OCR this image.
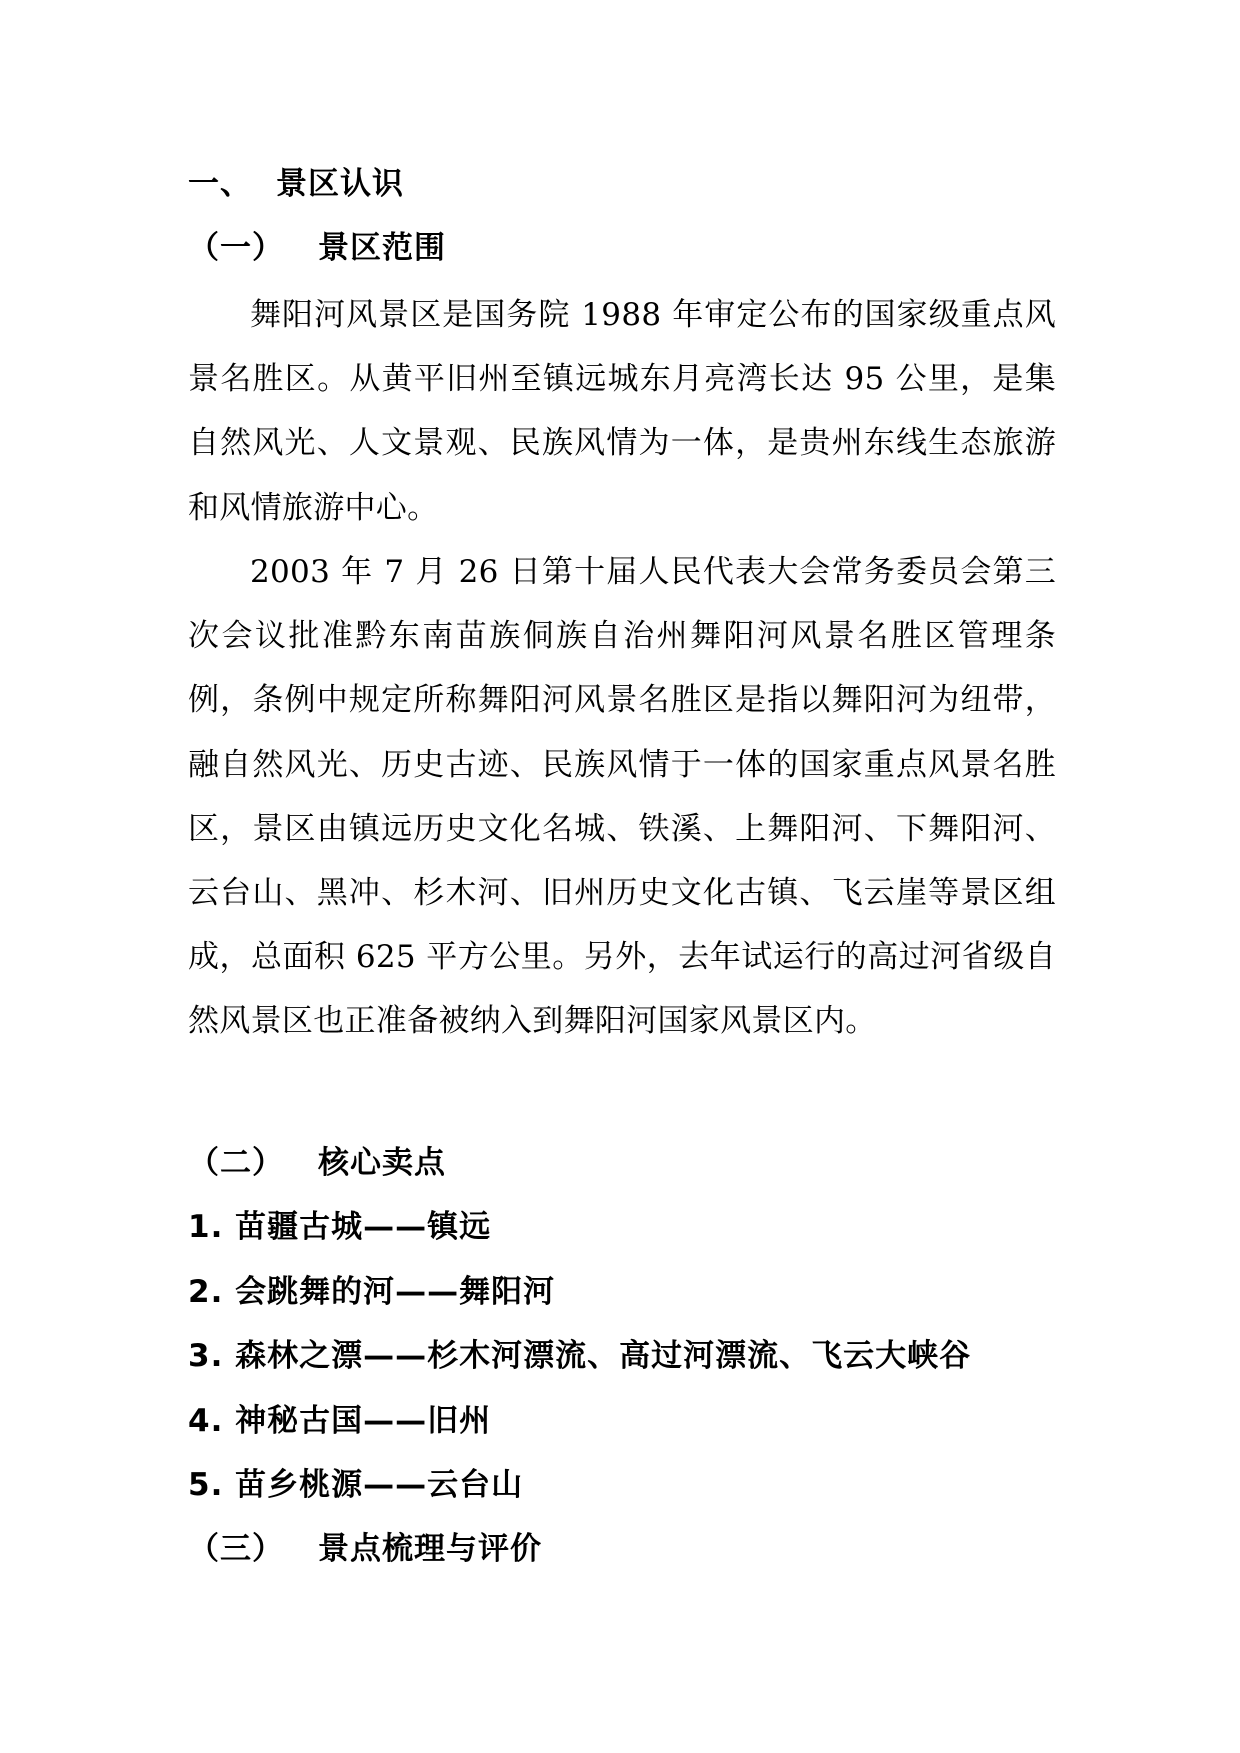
一、 景区认识
（一） 景区范围

舞阳河风景区是国务院 1988 年审定公布的国家级重点风景名胜区。从黄平旧州至镇远城东月亮湾长达 95 公里，是集自然风光、人文景观、民族风情为一体，是贵州东线生态旅游和风情旅游中心。

2003 年 7 月 26 日第十届人民代表大会常务委员会第三次会议批准黔东南苗族侗族自治州舞阳河风景名胜区管理条例，条例中规定所称舞阳河风景名胜区是指以舞阳河为纽带，融自然风光、历史古迹、民族风情于一体的国家重点风景名胜区，景区由镇远历史文化名城、铁溪、上舞阳河、下舞阳河、云台山、黑冲、杉木河、旧州历史文化古镇、飞云崖等景区组成，总面积 625 平方公里。另外，去年试运行的高过河省级自然风景区也正准备被纳入到舞阳河国家风景区内。

（二） 核心卖点
1. 苗疆古城——镇远
2. 会跳舞的河——舞阳河
3. 森林之漂——杉木河漂流、高过河漂流、飞云大峡谷
4. 神秘古国——旧州
5. 苗乡桃源——云台山
（三） 景点梳理与评价
